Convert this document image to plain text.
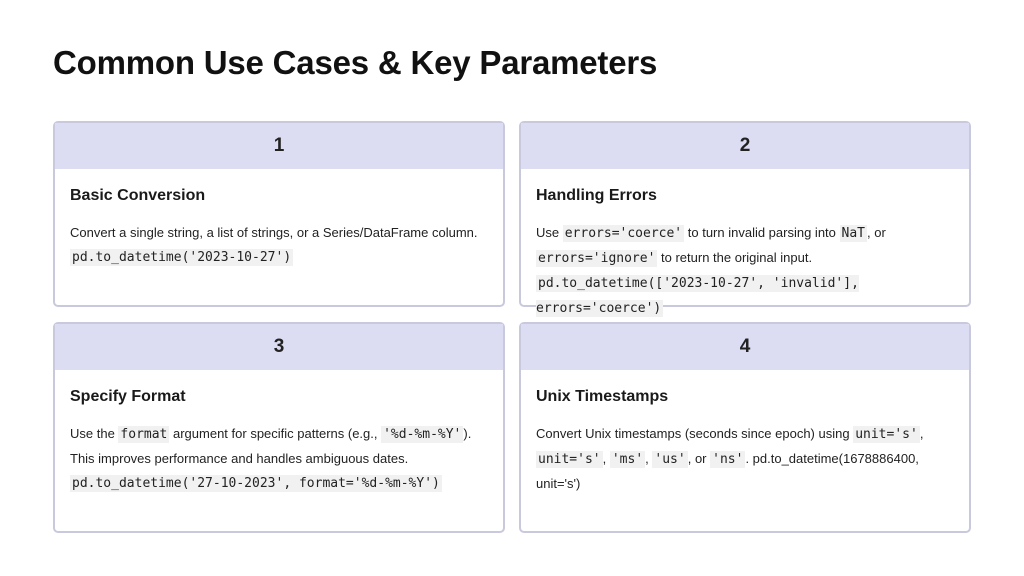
Common Use Cases & Key Parameters
1
Basic Conversion
Convert a single string, a list of strings, or a Series/DataFrame column. pd.to_datetime('2023-10-27')
2
Handling Errors
Use errors='coerce' to turn invalid parsing into NaT , or errors='ignore' to return the original input. pd.to_datetime(['2023-10-27', 'invalid'], errors='coerce')
3
Specify Format
Use the format argument for specific patterns (e.g., '%d-%m-%Y' ). This improves performance and handles ambiguous dates. pd.to_datetime('27-10-2023', format='%d-%m-%Y')
4
Unix Timestamps
Convert Unix timestamps (seconds since epoch) using unit='s' , unit='s' , 'ms' , 'us' , or 'ns' . pd.to_datetime(1678886400, unit='s')
